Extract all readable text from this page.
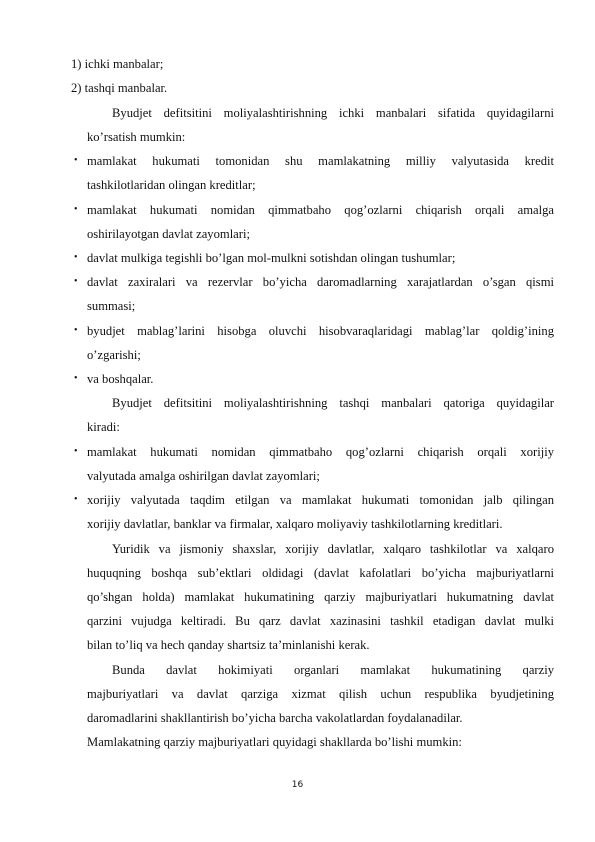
1) ichki manbalar;
2) tashqi manbalar.
Byudjet defitsitini moliyalashtirishning ichki manbalari sifatida quyidagilarni
ko’rsatish mumkin:
• mamlakat hukumati tomonidan shu mamlakatning milliy valyutasida kredit
tashkilotlaridan olingan kreditlar;
• mamlakat hukumati nomidan qimmatbaho qog’ozlarni chiqarish orqali amalga
oshirilayotgan davlat zayomlari;
• davlat mulkiga tegishli bo’lgan mol-mulkni sotishdan olingan tushumlar;
• davlat zaxiralari va rezervlar bo’yicha daromadlarning xarajatlardan o’sgan qismi
summasi;
• byudjet mablag’larini hisobga oluvchi hisobvaraqlaridagi mablag’lar qoldig’ining
o’zgarishi;
• va boshqalar.
Byudjet defitsitini moliyalashtirishning tashqi manbalari qatoriga quyidagilar
kiradi:
• mamlakat hukumati nomidan qimmatbaho qog’ozlarni chiqarish orqali xorijiy
valyutada amalga oshirilgan davlat zayomlari;
• xorijiy valyutada taqdim etilgan va mamlakat hukumati tomonidan jalb qilingan
xorijiy davlatlar, banklar va firmalar, xalqaro moliyaviy tashkilotlarning kreditlari.
Yuridik va jismoniy shaxslar, xorijiy davlatlar, xalqaro tashkilotlar va xalqaro
huquqning boshqa sub’ektlari oldidagi (davlat kafolatlari bo’yicha majburiyatlarni
qo’shgan holda) mamlakat hukumatining qarziy majburiyatlari hukumatning davlat
qarzini vujudga keltiradi. Bu qarz davlat xazinasini tashkil etadigan davlat mulki
bilan to’liq va hech qanday shartsiz ta’minlanishi kerak.
Bunda davlat hokimiyati organlari mamlakat hukumatining qarziy
majburiyatlari va davlat qarziga xizmat qilish uchun respublika byudjetining
daromadlarini shakllantirish bo’yicha barcha vakolatlardan foydalanadilar.
Mamlakatning qarziy majburiyatlari quyidagi shakllarda bo’lishi mumkin:
16
